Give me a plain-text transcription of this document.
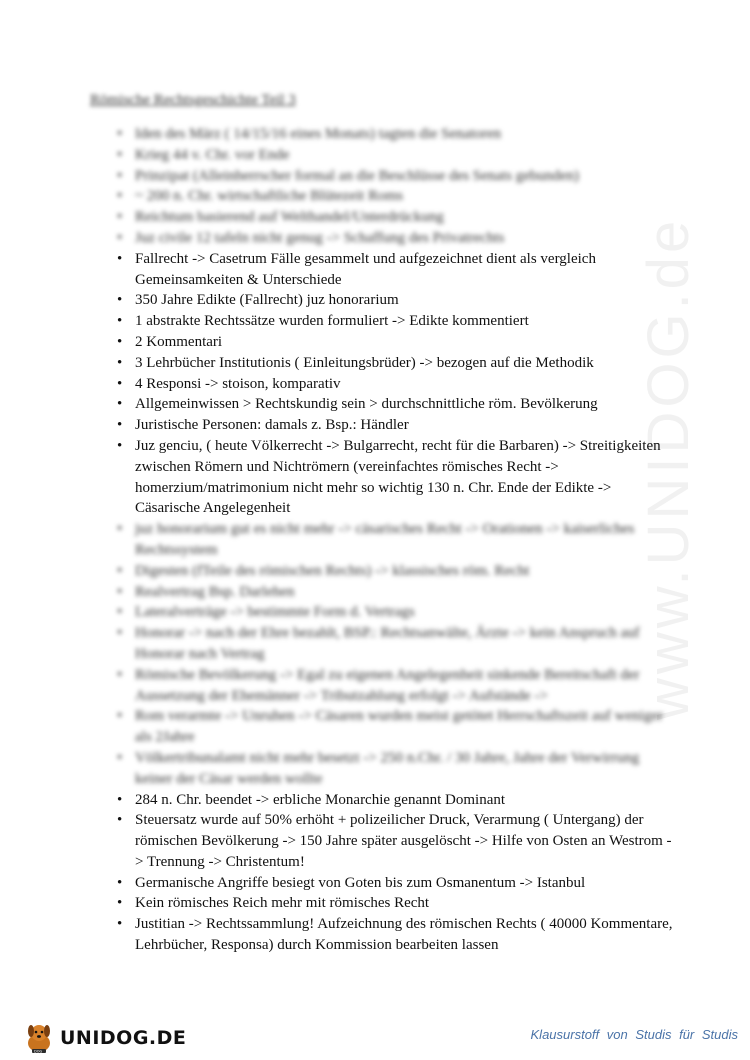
www.UNIDOG.de
Römische Rechtsgeschichte Teil 3
• Iden des März ( 14/15/16 eines Monats) tagten die Senatoren
• Krieg 44 v. Chr. vor Ende
• Prinzipat (Alleinherrscher formal an die Beschlüsse des Senats gebunden)
• ~ 200 n. Chr. wirtschaftliche Blütezeit Roms
• Reichtum basierend auf Welthandel/Unterdrückung
• Juz civile 12 tafeln nicht genug -> Schaffung des Privatrechts
• Fallrecht -> Casetrum Fälle gesammelt und aufgezeichnet dient als vergleich Gemeinsamkeiten & Unterschiede
• 350 Jahre Edikte (Fallrecht) juz honorarium
• 1 abstrakte Rechtssätze wurden formuliert -> Edikte kommentiert
• 2 Kommentari
• 3 Lehrbücher Institutionis ( Einleitungsbrüder) -> bezogen auf die Methodik
• 4 Responsi -> stoison, komparativ
• Allgemeinwissen > Rechtskundig sein > durchschnittliche röm. Bevölkerung
• Juristische Personen: damals z. Bsp.: Händler
• Juz genciu, ( heute Völkerrecht -> Bulgarrecht, recht für die Barbaren) -> Streitigkeiten zwischen Römern und Nichtrömern (vereinfachtes römisches Recht -> homerzium/matrimonium nicht mehr so wichtig 130 n. Chr. Ende der Edikte -> Cäsarische Angelegenheit
• juz honorarium gut es nicht mehr -> cäsarisches Recht -> Orationen -> kaiserliches Rechtssystem
• Digesten (fTeile des römischen Rechts) -> klassisches röm. Recht
• Realvertrag Bsp. Darlehen
• Lateralverträge -> bestimmte Form d. Vertrags
• Honorar -> nach der Ehre bezahlt, BSP.: Rechtsanwälte, Ärzte -> kein Anspruch auf Honorar nach Vertrag
• Römische Bevölkerung -> Egal zu eigenen Angelegenheit sinkende Bereitschaft der Aussetzung der Ehemänner -> Tributzahlung erfolgt -> Aufstände ->
• Rom verarmte -> Unruhen -> Cäsaren wurden meist getötet Herrschaftszeit auf weniger als 2Jahre
• Völkertribunalamt nicht mehr besetzt -> 250 n.Chr. / 30 Jahre, Jahre der Verwirrung keiner der Cäsar werden wollte
• 284 n. Chr. beendet -> erbliche Monarchie genannt Dominant
• Steuersatz wurde auf 50% erhöht + polizeilicher Druck, Verarmung ( Untergang) der römischen Bevölkerung -> 150 Jahre später ausgelöscht -> Hilfe von Osten an Westrom -> Trennung -> Christentum!
• Germanische Angriffe besiegt von Goten bis zum Osmanentum -> Istanbul
• Kein römisches Reich mehr mit römisches Recht
• Justitian -> Rechtssammlung! Aufzeichnung des römischen Rechts ( 40000 Kommentare, Lehrbücher, Responsa) durch Kommission bearbeiten lassen
DOG
UNIDOG.DE	Klausurstoff von Studis für Studis
